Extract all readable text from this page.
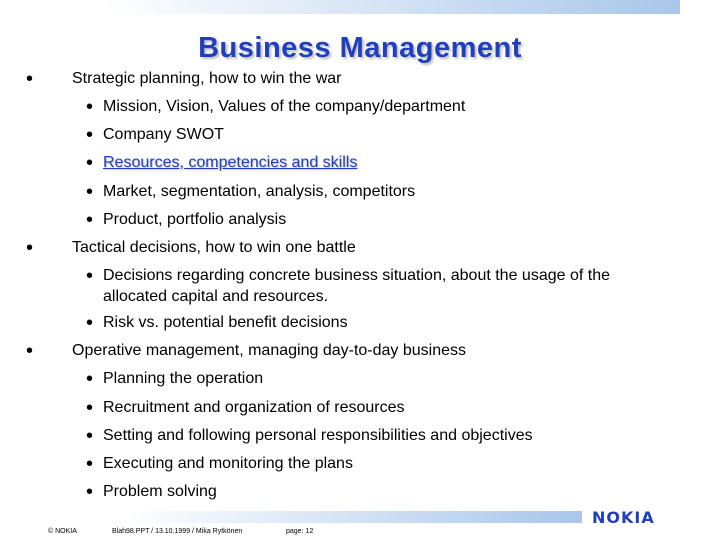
Business Management
• Strategic planning, how to win the war
• Mission, Vision, Values of the company/department
• Company SWOT
• Resources, competencies and skills
• Market, segmentation, analysis, competitors
• Product, portfolio analysis
• Tactical decisions, how to win one battle
• Decisions regarding concrete business situation, about the usage of the
allocated capital and resources.
• Risk vs. potential benefit decisions
• Operative management, managing day-to-day business
• Planning the operation
• Recruitment and organization of resources
• Setting and following personal responsibilities and objectives
• Executing and monitoring the plans
• Problem solving
NOKIA
© NOKIA	Blah98.PPT / 13.10.1999 / Mika Rytkönen	page: 12
